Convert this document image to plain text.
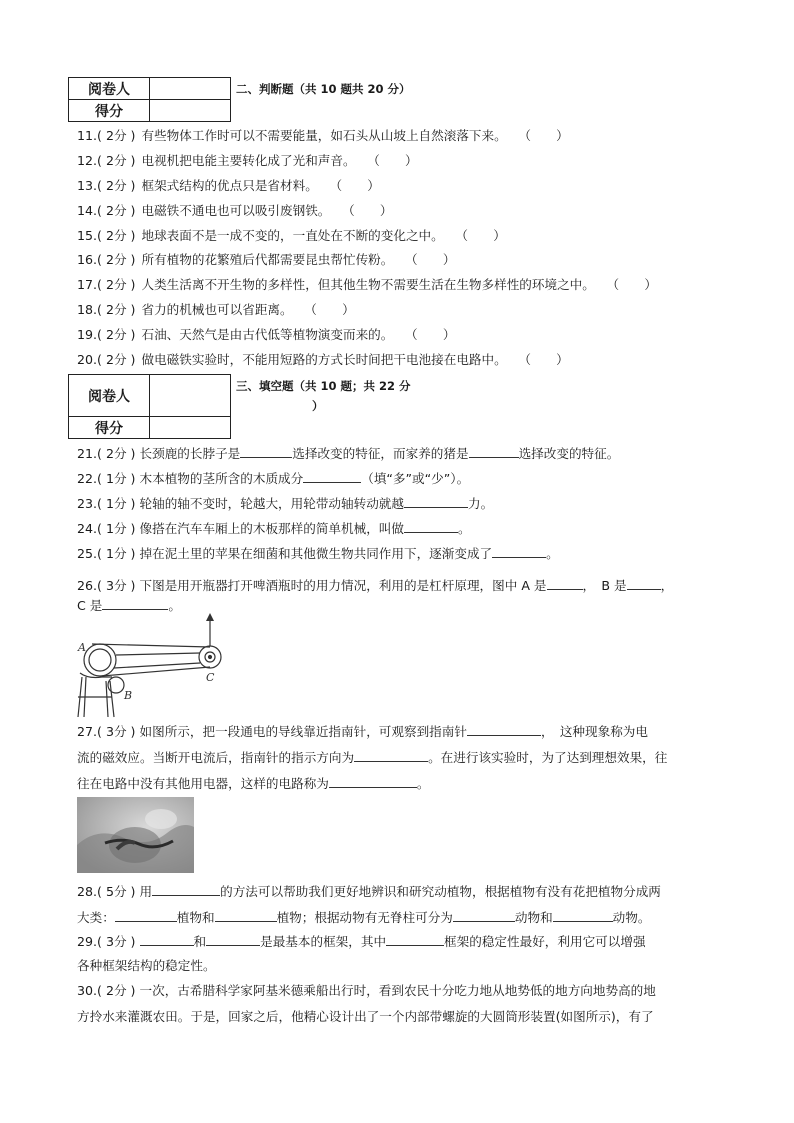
阅卷人	
得分	
二、判断题（共 10 题共 20 分）
11.( 2分 ) 有些物体工作时可以不需要能量，如石头从山坡上自然滚落下来。 （　　）
12.( 2分 ) 电视机把电能主要转化成了光和声音。 （　　）
13.( 2分 ) 框架式结构的优点只是省材料。 （　　）
14.( 2分 ) 电磁铁不通电也可以吸引废钢铁。 （　　）
15.( 2分 ) 地球表面不是一成不变的，一直处在不断的变化之中。 （　　）
16.( 2分 ) 所有植物的花繁殖后代都需要昆虫帮忙传粉。 （　　）
17.( 2分 ) 人类生活离不开生物的多样性，但其他生物不需要生活在生物多样性的环境之中。 （　　）
18.( 2分 ) 省力的机械也可以省距离。 （　　）
19.( 2分 ) 石油、天然气是由古代低等植物演变而来的。 （　　）
20.( 2分 ) 做电磁铁实验时，不能用短路的方式长时间把干电池接在电路中。 （　　）
阅卷人	
得分	
三、填空题（共 10 题；共 22 分
）
21.( 2分 ) 长颈鹿的长脖子是	选择改变的特征，而家养的猪是	选择改变的特征。
22.( 1分 ) 木本植物的茎所含的木质成分	（填“多”或“少”）。
23.( 1分 ) 轮轴的轴不变时，轮越大，用轮带动轴转动就越	力。
24.( 1分 ) 像搭在汽车车厢上的木板那样的简单机械，叫做	。
25.( 1分 ) 掉在泥土里的苹果在细菌和其他微生物共同作用下，逐渐变成了	。
26.( 3分 ) 下图是用开瓶器打开啤酒瓶时的用力情况，利用的是杠杆原理，图中 A 是	，　B 是	，
C 是	。
A
B
C
27.( 3分 ) 如图所示，把一段通电的导线靠近指南针，可观察到指南针	，　这种现象称为电
流的磁效应。当断开电流后，指南针的指示方向为	。在进行该实验时，为了达到理想效果，往
往在电路中没有其他用电器，这样的电路称为	。
28.( 5分 ) 用	的方法可以帮助我们更好地辨识和研究动植物，根据植物有没有花把植物分成两
大类：	植物和	植物；根据动物有无脊柱可分为	动物和	动物。
29.( 3分 )	和	是最基本的框架，其中	框架的稳定性最好，利用它可以增强
各种框架结构的稳定性。
30.( 2分 ) 一次，古希腊科学家阿基米德乘船出行时，看到农民十分吃力地从地势低的地方向地势高的地
方拎水来灌溉农田。于是，回家之后，他精心设计出了一个内部带螺旋的大圆筒形装置(如图所示)，有了
